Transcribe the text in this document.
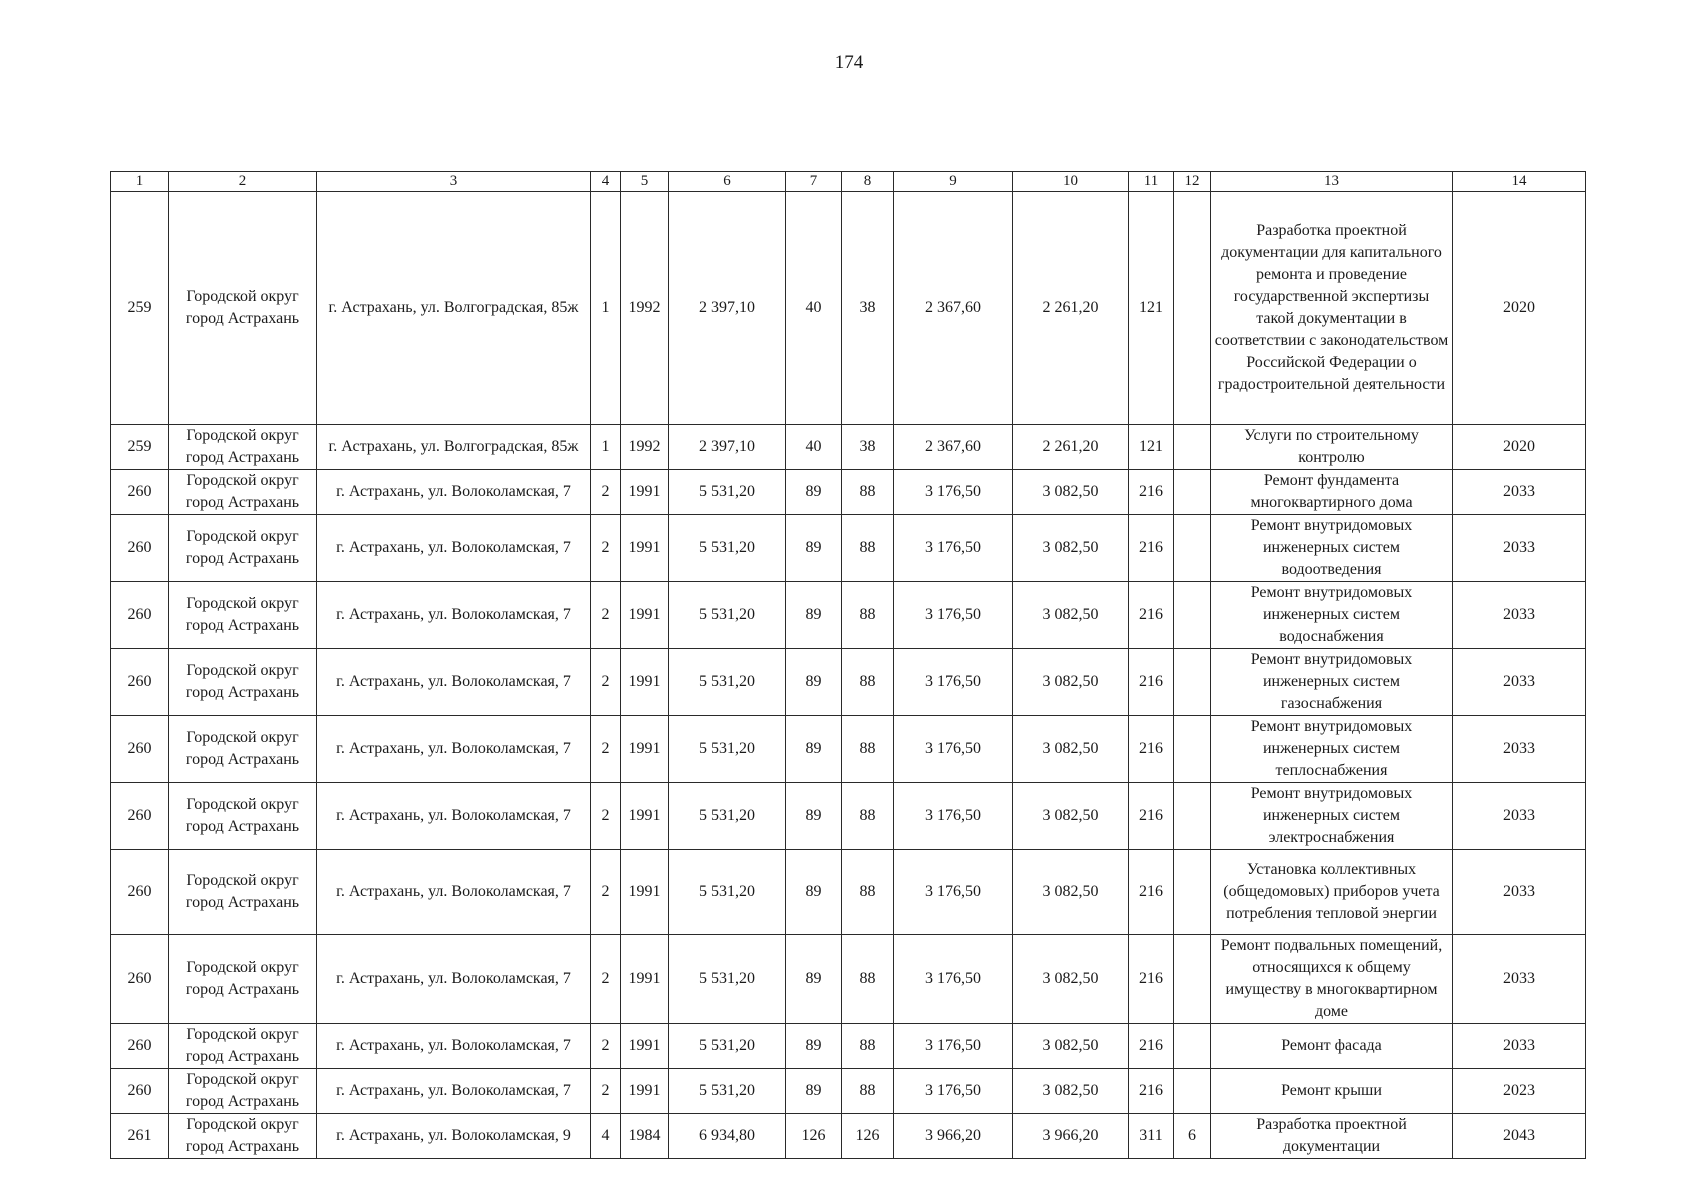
174
1	2	3	4	5	6	7	8	9	10	11	12	13	14
259	Городской округ город Астрахань	г. Астрахань, ул. Волгоградская, 85ж	1	1992	2 397,10	40	38	2 367,60	2 261,20	121		Разработка проектной документации для капитального ремонта и проведение государственной экспертизы такой документации в соответствии с законодательством Российской Федерации о градостроительной деятельности	2020
259	Городской округ город Астрахань	г. Астрахань, ул. Волгоградская, 85ж	1	1992	2 397,10	40	38	2 367,60	2 261,20	121		Услуги по строительному контролю	2020
260	Городской округ город Астрахань	г. Астрахань, ул. Волоколамская, 7	2	1991	5 531,20	89	88	3 176,50	3 082,50	216		Ремонт фундамента многоквартирного дома	2033
260	Городской округ город Астрахань	г. Астрахань, ул. Волоколамская, 7	2	1991	5 531,20	89	88	3 176,50	3 082,50	216		Ремонт внутридомовых инженерных систем водоотведения	2033
260	Городской округ город Астрахань	г. Астрахань, ул. Волоколамская, 7	2	1991	5 531,20	89	88	3 176,50	3 082,50	216		Ремонт внутридомовых инженерных систем водоснабжения	2033
260	Городской округ город Астрахань	г. Астрахань, ул. Волоколамская, 7	2	1991	5 531,20	89	88	3 176,50	3 082,50	216		Ремонт внутридомовых инженерных систем газоснабжения	2033
260	Городской округ город Астрахань	г. Астрахань, ул. Волоколамская, 7	2	1991	5 531,20	89	88	3 176,50	3 082,50	216		Ремонт внутридомовых инженерных систем теплоснабжения	2033
260	Городской округ город Астрахань	г. Астрахань, ул. Волоколамская, 7	2	1991	5 531,20	89	88	3 176,50	3 082,50	216		Ремонт внутридомовых инженерных систем электроснабжения	2033
260	Городской округ город Астрахань	г. Астрахань, ул. Волоколамская, 7	2	1991	5 531,20	89	88	3 176,50	3 082,50	216		Установка коллективных (общедомовых) приборов учета потребления тепловой энергии	2033
260	Городской округ город Астрахань	г. Астрахань, ул. Волоколамская, 7	2	1991	5 531,20	89	88	3 176,50	3 082,50	216		Ремонт подвальных помещений, относящихся к общему имуществу в многоквартирном доме	2033
260	Городской округ город Астрахань	г. Астрахань, ул. Волоколамская, 7	2	1991	5 531,20	89	88	3 176,50	3 082,50	216		Ремонт фасада	2033
260	Городской округ город Астрахань	г. Астрахань, ул. Волоколамская, 7	2	1991	5 531,20	89	88	3 176,50	3 082,50	216		Ремонт крыши	2023
261	Городской округ город Астрахань	г. Астрахань, ул. Волоколамская, 9	4	1984	6 934,80	126	126	3 966,20	3 966,20	311	6	Разработка проектной документации	2043
